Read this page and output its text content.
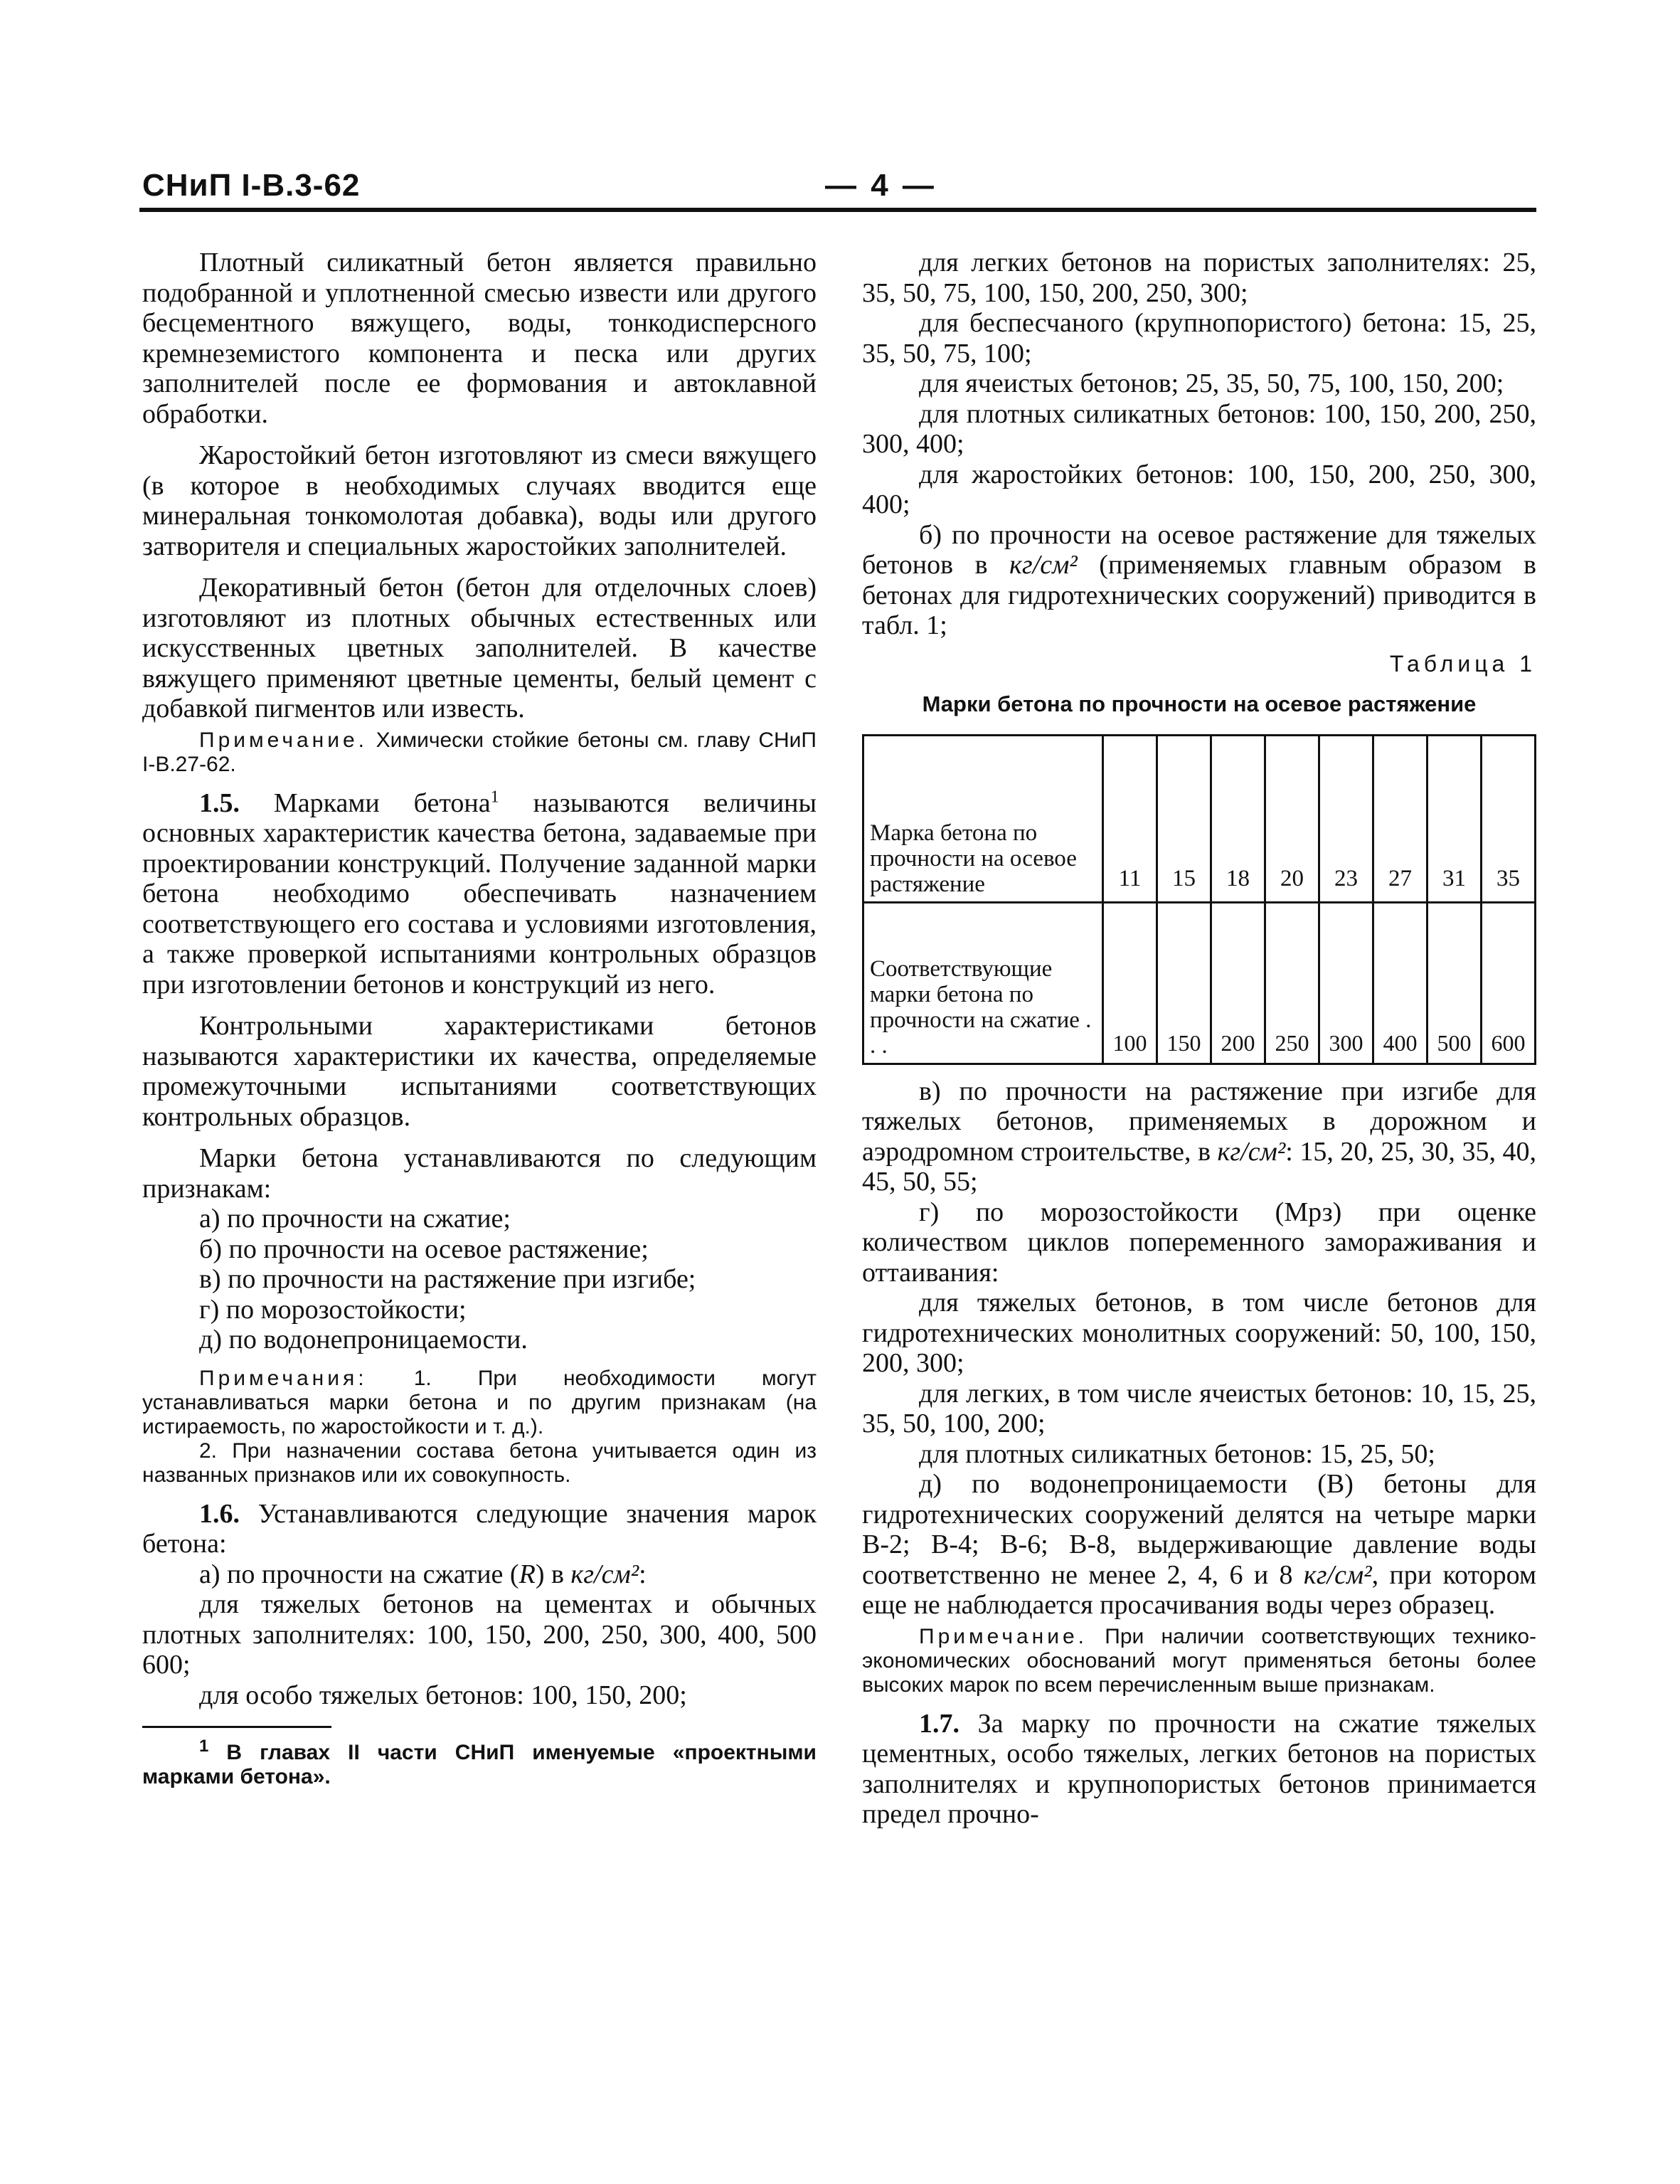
СНиП I-В.3-62	— 4 —

Плотный силикатный бетон является правильно подобранной и уплотненной смесью извести или другого бесцементного вяжущего, воды, тонкодисперсного кремнеземистого компонента и песка или других заполнителей после ее формования и автоклавной обработки.

Жаростойкий бетон изготовляют из смеси вяжущего (в которое в необходимых случаях вводится еще минеральная тонкомолотая добавка), воды или другого затворителя и специальных жаростойких заполнителей.

Декоративный бетон (бетон для отделочных слоев) изготовляют из плотных обычных естественных или искусственных цветных заполнителей. В качестве вяжущего применяют цветные цементы, белый цемент с добавкой пигментов или известь.

Примечание. Химически стойкие бетоны см. главу СНиП I-В.27-62.

1.5. Марками бетона$^1$ называются величины основных характеристик качества бетона, задаваемые при проектировании конструкций. Получение заданной марки бетона необходимо обеспечивать назначением соответствующего его состава и условиями изготовления, а также проверкой испытаниями контрольных образцов при изготовлении бетонов и конструкций из него.

Контрольными характеристиками бетонов называются характеристики их качества, определяемые промежуточными испытаниями соответствующих контрольных образцов.

Марки бетона устанавливаются по следующим признакам:

а) по прочности на сжатие;

б) по прочности на осевое растяжение;

в) по прочности на растяжение при изгибе;

г) по морозостойкости;

д) по водонепроницаемости.

Примечания: 1. При необходимости могут устанавливаться марки бетона и по другим признакам (на истираемость, по жаростойкости и т. д.).

2. При назначении состава бетона учитывается один из названных признаков или их совокупность.

1.6. Устанавливаются следующие значения марок бетона:

а) по прочности на сжатие (R) в кг/см²:

для тяжелых бетонов на цементах и обычных плотных заполнителях: 100, 150, 200, 250, 300, 400, 500 600;

для особо тяжелых бетонов: 100, 150, 200;

$^1$ В главах II части СНиП именуемые «проектными марками бетона».

для легких бетонов на пористых заполнителях: 25, 35, 50, 75, 100, 150, 200, 250, 300;

для беспесчаного (крупнопористого) бетона: 15, 25, 35, 50, 75, 100;

для ячеистых бетонов; 25, 35, 50, 75, 100, 150, 200;

для плотных силикатных бетонов: 100, 150, 200, 250, 300, 400;

для жаростойких бетонов: 100, 150, 200, 250, 300, 400;

б) по прочности на осевое растяжение для тяжелых бетонов в кг/см² (применяемых главным образом в бетонах для гидротехнических сооружений) приводится в табл. 1;

Таблица 1
Марки бетона по прочности на осевое растяжение
Марка бетона по прочности на осевое растяжение	11	15	18	20	23	27	31	35
Соответствующие марки бетона по прочности на сжатие . . .	100	150	200	250	300	400	500	600

в) по прочности на растяжение при изгибе для тяжелых бетонов, применяемых в дорожном и аэродромном строительстве, в кг/см²: 15, 20, 25, 30, 35, 40, 45, 50, 55;

г) по морозостойкости (Мрз) при оценке количеством циклов попеременного замораживания и оттаивания:

для тяжелых бетонов, в том числе бетонов для гидротехнических монолитных сооружений: 50, 100, 150, 200, 300;

для легких, в том числе ячеистых бетонов: 10, 15, 25, 35, 50, 100, 200;

для плотных силикатных бетонов: 15, 25, 50;

д) по водонепроницаемости (В) бетоны для гидротехнических сооружений делятся на четыре марки В-2; В-4; В-6; В-8, выдерживающие давление воды соответственно не менее 2, 4, 6 и 8 кг/см², при котором еще не наблюдается просачивания воды через образец.

Примечание. При наличии соответствующих технико-экономических обоснований могут применяться бетоны более высоких марок по всем перечисленным выше признакам.

1.7. За марку по прочности на сжатие тяжелых цементных, особо тяжелых, легких бетонов на пористых заполнителях и крупнопористых бетонов принимается предел прочно-
